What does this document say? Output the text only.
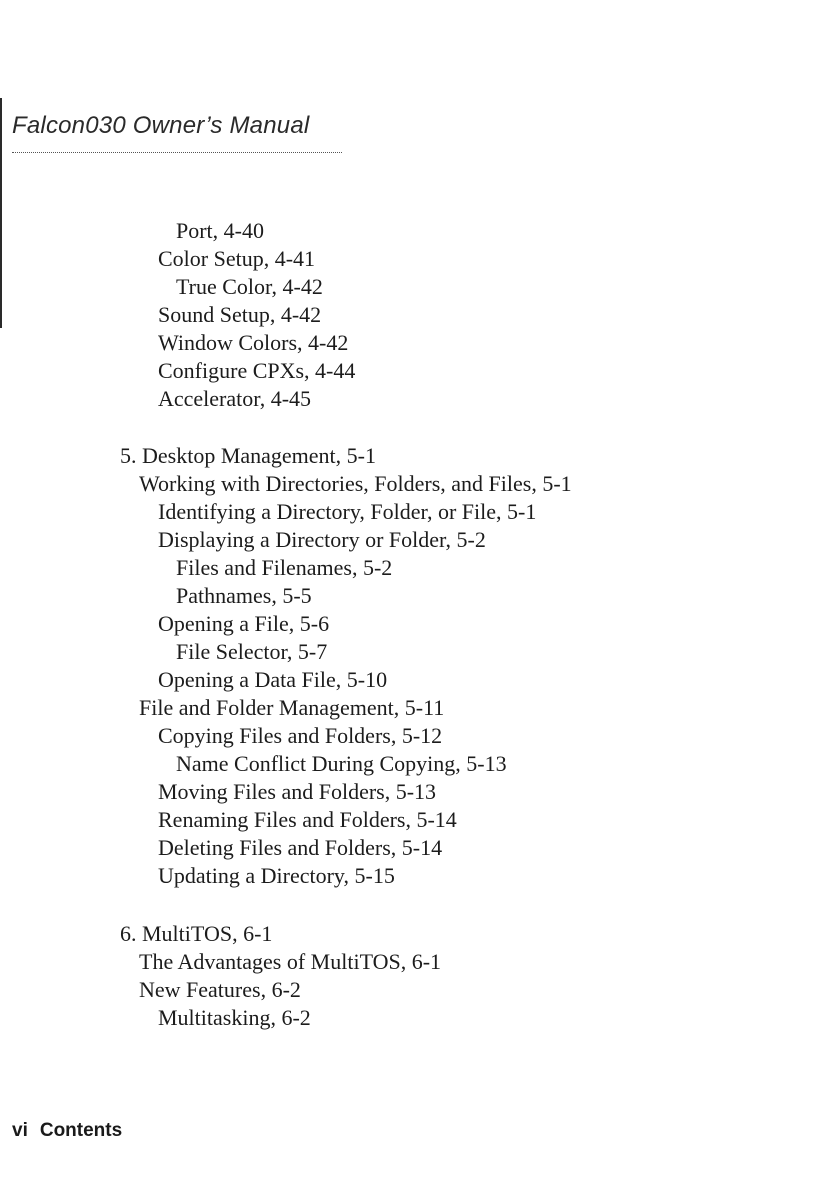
Falcon030 Owner’s Manual
Port, 4-40
Color Setup, 4-41
True Color, 4-42
Sound Setup, 4-42
Window Colors, 4-42
Configure CPXs, 4-44
Accelerator, 4-45
5. Desktop Management, 5-1
Working with Directories, Folders, and Files, 5-1
Identifying a Directory, Folder, or File, 5-1
Displaying a Directory or Folder, 5-2
Files and Filenames, 5-2
Pathnames, 5-5
Opening a File, 5-6
File Selector, 5-7
Opening a Data File, 5-10
File and Folder Management, 5-11
Copying Files and Folders, 5-12
Name Conflict During Copying, 5-13
Moving Files and Folders, 5-13
Renaming Files and Folders, 5-14
Deleting Files and Folders, 5-14
Updating a Directory, 5-15
6. MultiTOS, 6-1
The Advantages of MultiTOS, 6-1
New Features, 6-2
Multitasking, 6-2
vi Contents
